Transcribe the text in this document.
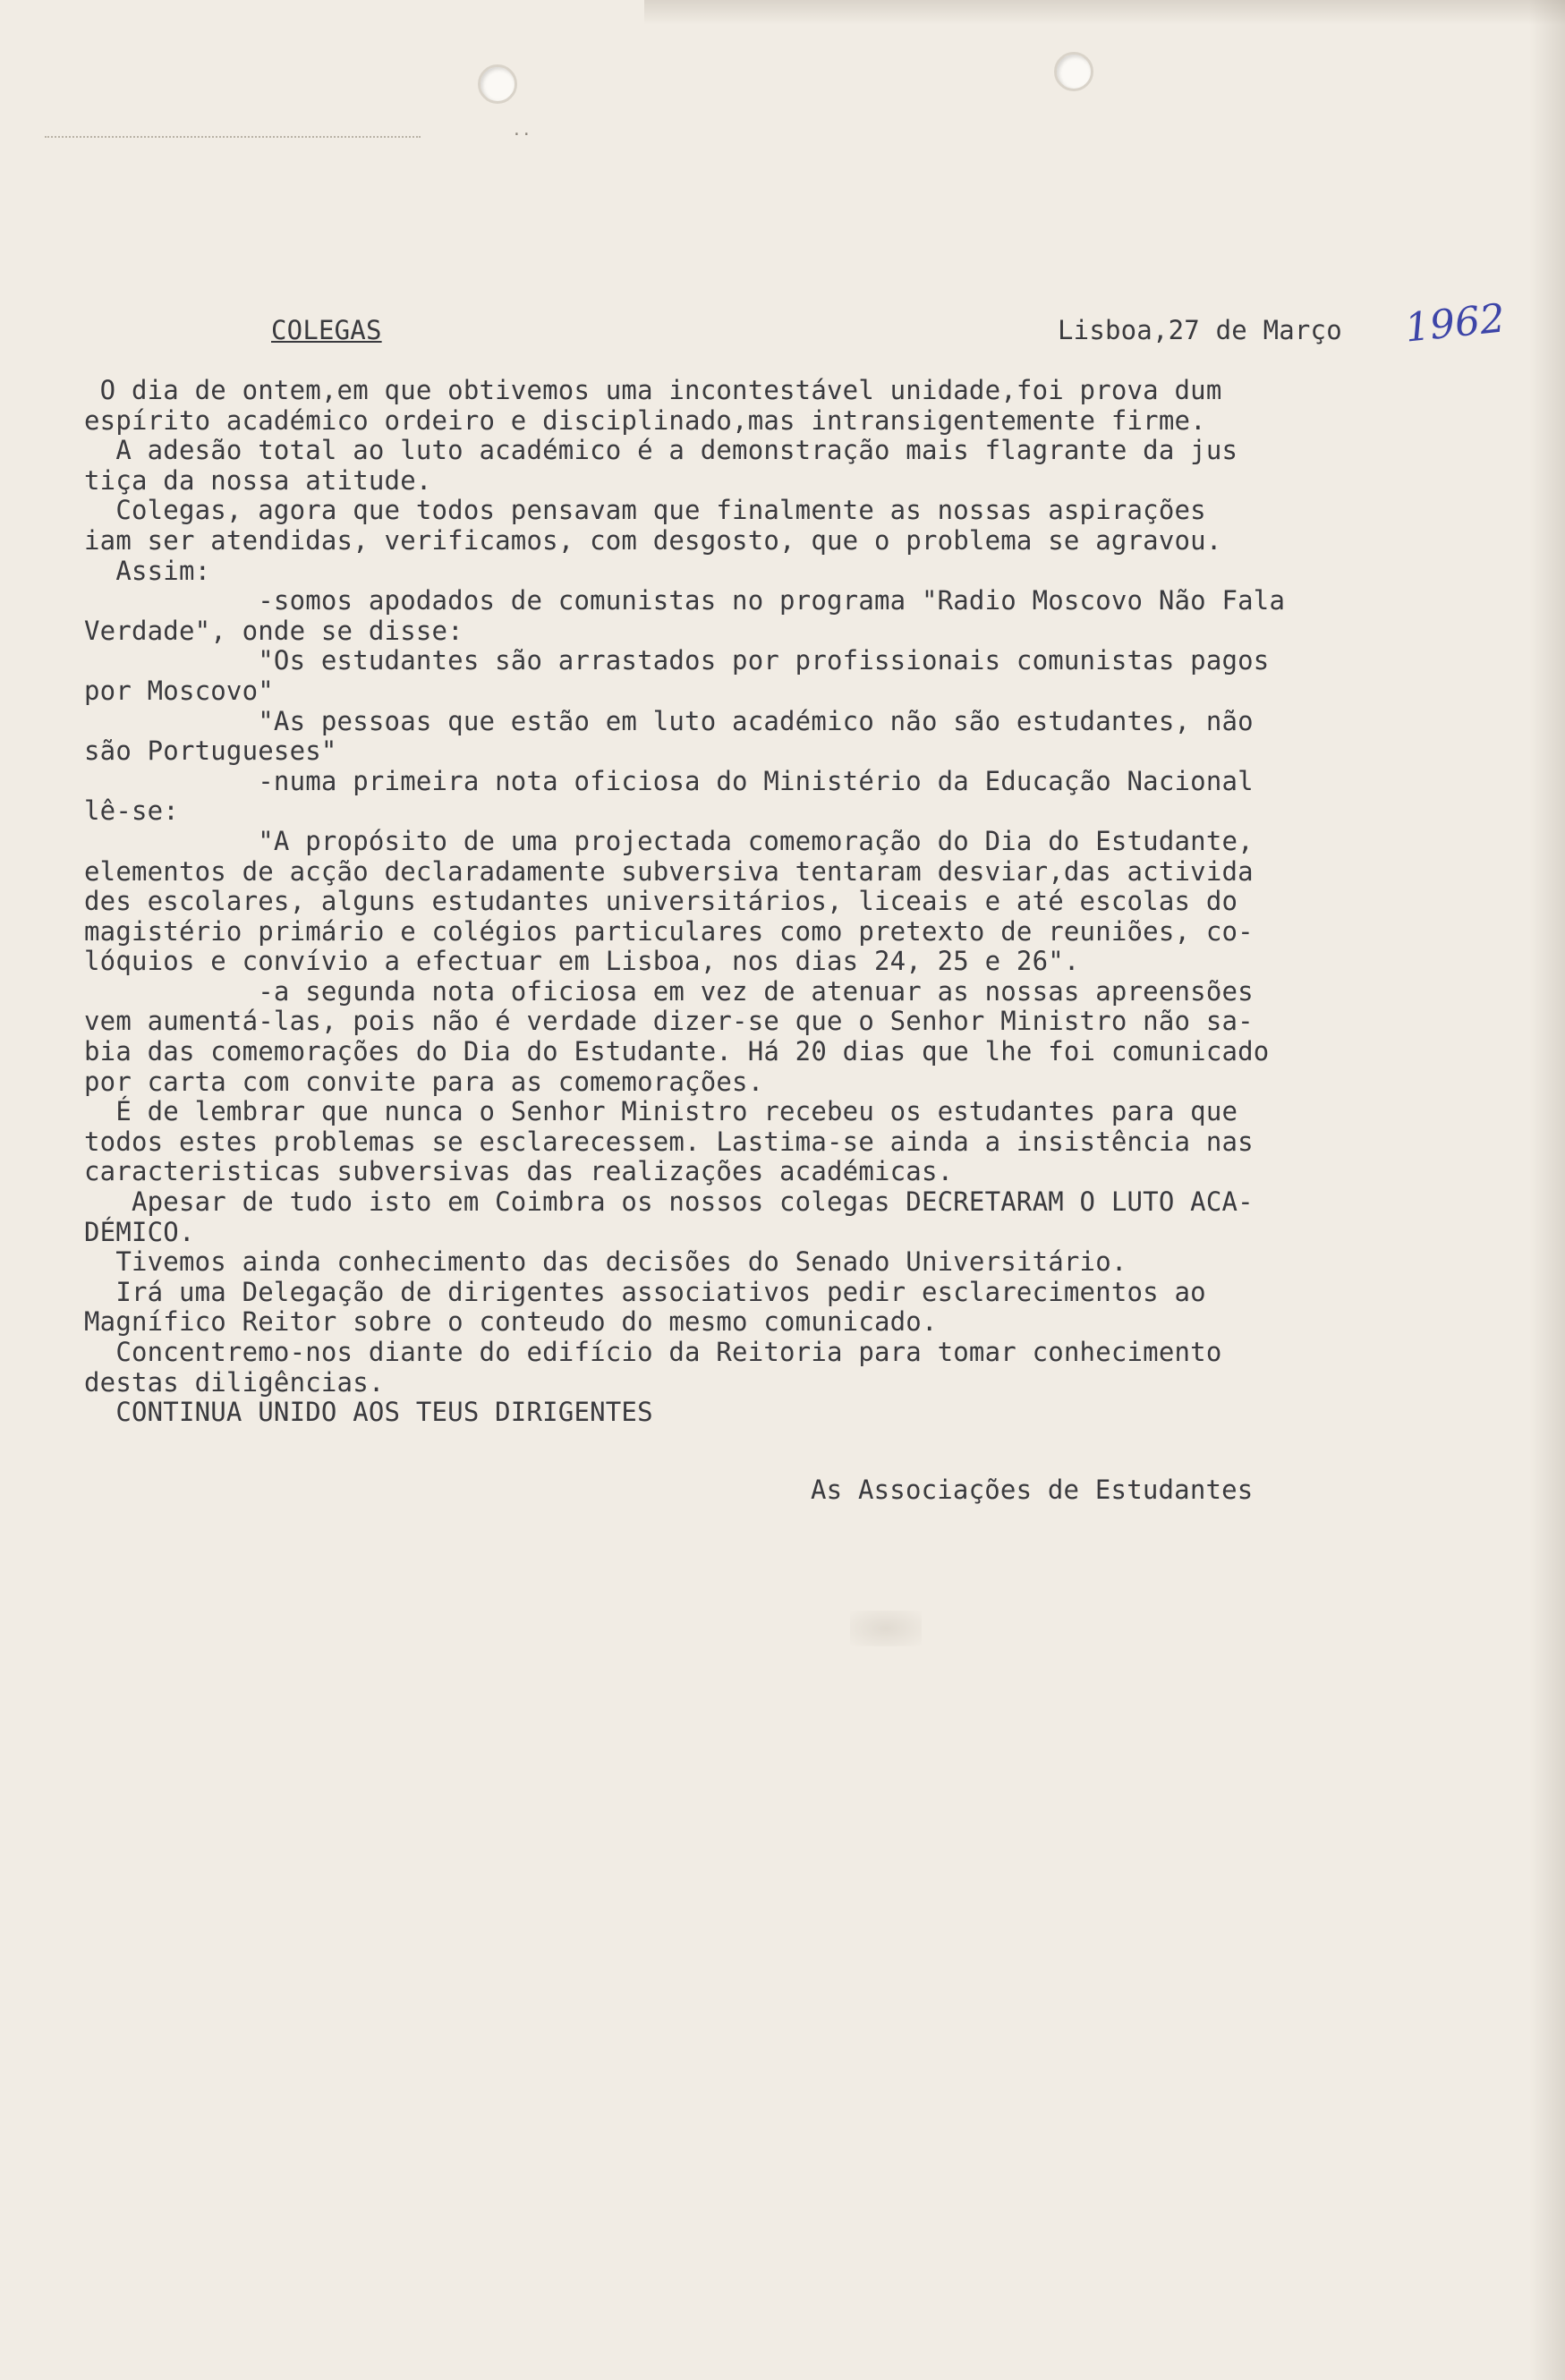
··
COLEGAS	Lisboa,27 de Março 1962
O dia de ontem,em que obtivemos uma incontestável unidade,foi prova dum
espírito académico ordeiro e disciplinado,mas intransigentemente firme.
A adesão total ao luto académico é a demonstração mais flagrante da jus
tiça da nossa atitude.
Colegas, agora que todos pensavam que finalmente as nossas aspirações
iam ser atendidas, verificamos, com desgosto, que o problema se agravou.
Assim:
-somos apodados de comunistas no programa "Radio Moscovo Não Fala
Verdade", onde se disse:
"Os estudantes são arrastados por profissionais comunistas pagos
por Moscovo"
"As pessoas que estão em luto académico não são estudantes, não
são Portugueses"
-numa primeira nota oficiosa do Ministério da Educação Nacional
lê-se:
"A propósito de uma projectada comemoração do Dia do Estudante,
elementos de acção declaradamente subversiva tentaram desviar,das activida
des escolares, alguns estudantes universitários, liceais e até escolas do
magistério primário e colégios particulares como pretexto de reuniões, co-
lóquios e convívio a efectuar em Lisboa, nos dias 24, 25 e 26".
-a segunda nota oficiosa em vez de atenuar as nossas apreensões
vem aumentá-las, pois não é verdade dizer-se que o Senhor Ministro não sa-
bia das comemorações do Dia do Estudante. Há 20 dias que lhe foi comunicado
por carta com convite para as comemorações.
É de lembrar que nunca o Senhor Ministro recebeu os estudantes para que
todos estes problemas se esclarecessem. Lastima-se ainda a insistência nas
caracteristicas subversivas das realizações académicas.
Apesar de tudo isto em Coimbra os nossos colegas DECRETARAM O LUTO ACA-
DÉMICO.
Tivemos ainda conhecimento das decisões do Senado Universitário.
Irá uma Delegação de dirigentes associativos pedir esclarecimentos ao
Magnífico Reitor sobre o conteudo do mesmo comunicado.
Concentremo-nos diante do edifício da Reitoria para tomar conhecimento
destas diligências.
CONTINUA UNIDO AOS TEUS DIRIGENTES
As Associações de Estudantes
